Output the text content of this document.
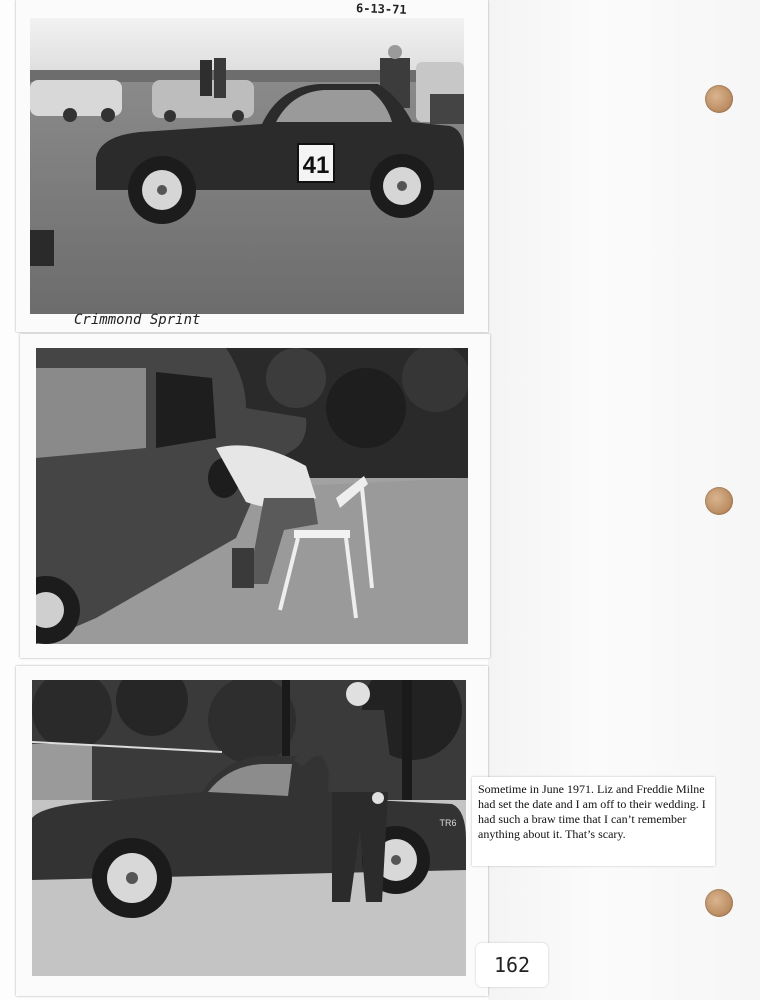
6-13-71
41
Crimmond Sprint
TR6
Sometime in June 1971. Liz and Freddie Milne had set the date and I am off to their wedding. I had such a braw time that I can’t remember anything about it. That’s scary.
162
